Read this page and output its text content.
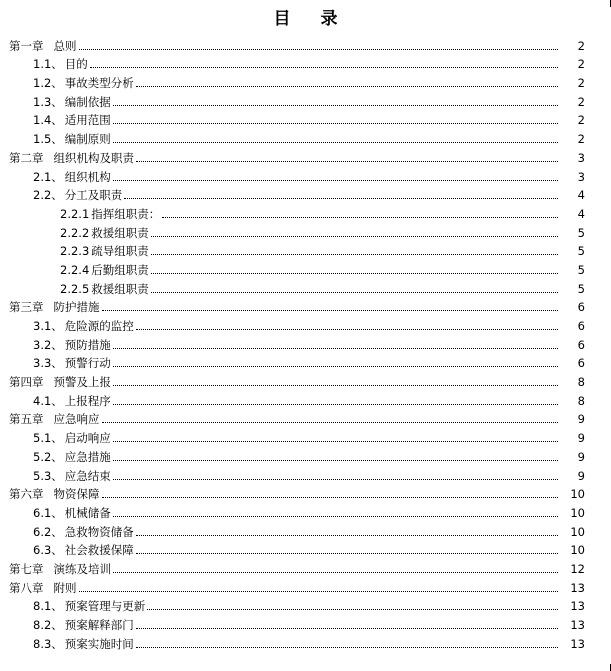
目 录
第一章 总则	2
1.1、 目的	2
1.2、 事故类型分析	2
1.3、 编制依据	2
1.4、 适用范围	2
1.5、 编制原则	2
第二章 组织机构及职责	3
2.1、 组织机构	3
2.2、 分工及职责	4
2.2.1 指挥组职责：	4
2.2.2 救援组职责	5
2.2.3 疏导组职责	5
2.2.4 后勤组职责	5
2.2.5 救援组职责	5
第三章 防护措施	6
3.1、 危险源的监控	6
3.2、 预防措施	6
3.3、 预警行动	6
第四章 预警及上报	8
4.1、 上报程序	8
第五章 应急响应	9
5.1、 启动响应	9
5.2、 应急措施	9
5.3、 应急结束	9
第六章 物资保障	10
6.1、 机械储备	10
6.2、 急救物资储备	10
6.3、 社会救援保障	10
第七章 演练及培训	12
第八章 附则	13
8.1、 预案管理与更新	13
8.2、 预案解释部门	13
8.3、 预案实施时间	13
